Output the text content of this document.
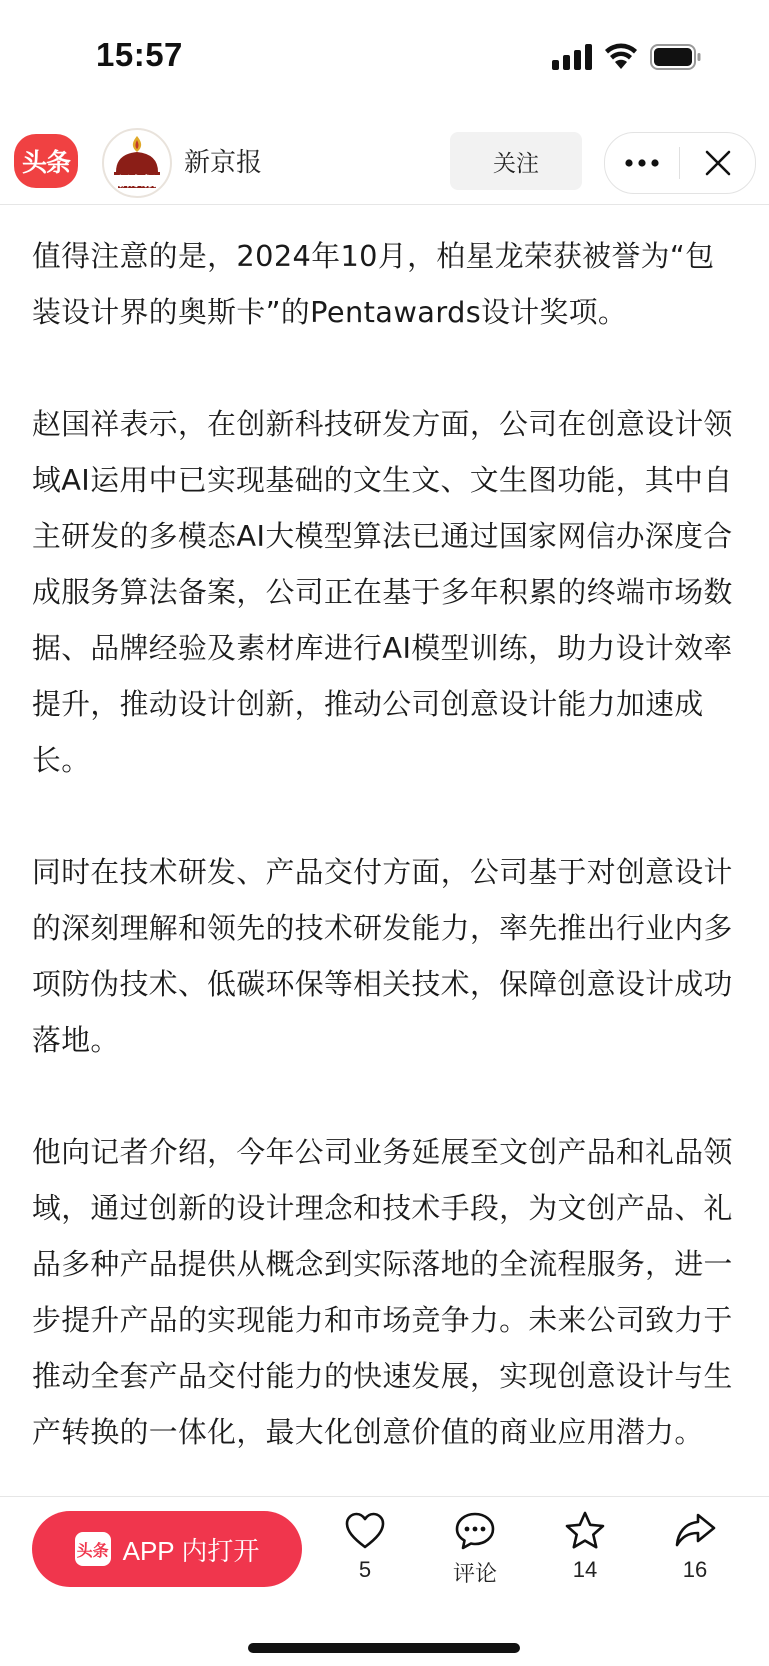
15:57
头条
新京报
新京报	关注

值得注意的是，2024年10月，柏星龙荣获被誉为“包装设计界的奥斯卡”的Pentawards设计奖项。

赵国祥表示，在创新科技研发方面，公司在创意设计领域AI运用中已实现基础的文生文、文生图功能，其中自主研发的多模态AI大模型算法已通过国家网信办深度合成服务算法备案，公司正在基于多年积累的终端市场数据、品牌经验及素材库进行AI模型训练，助力设计效率提升，推动设计创新，推动公司创意设计能力加速成长。

同时在技术研发、产品交付方面，公司基于对创意设计的深刻理解和领先的技术研发能力，率先推出行业内多项防伪技术、低碳环保等相关技术，保障创意设计成功落地。

他向记者介绍，今年公司业务延展至文创产品和礼品领域，通过创新的设计理念和技术手段，为文创产品、礼品多种产品提供从概念到实际落地的全流程服务，进一步提升产品的实现能力和市场竞争力。未来公司致力于推动全套产品交付能力的快速发展，实现创意设计与生产转换的一体化，最大化创意价值的商业应用潜力。

头条 APP 内打开
5	评论	14	16
